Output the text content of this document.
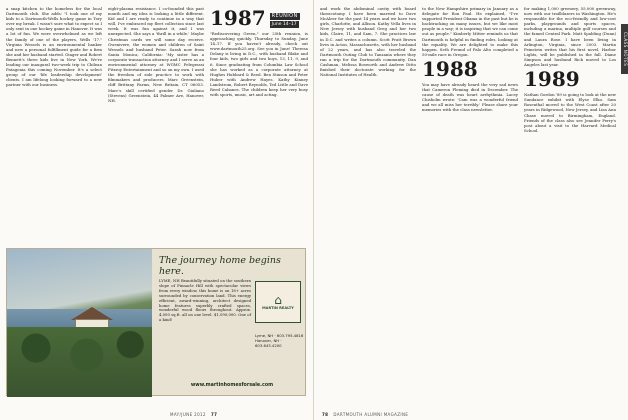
a snap kitchen to the homeless for the local Dartmouth club. She adds: "I took one of my kids to a Dartmouth-Wells hockey game in Tory over my break. I wasn't sure what to expect so I only sent in one hockey game in Hanover. It was a lot of fun. We were overwhelmed as we left the family of one of the players, Wells '17." Virginia Wessels is an environmental banker and new a personal fulfillment guide for a firm she and her husband started. Ginger and Robert Bennett's three kids live in New York. We're leading our inaugural two-week trip to Chilean Patagonia this coming November. It's a select group of our 'life leadership development' clients. I am lifelong looking forward to a new partner with our business.

eight-plasma resistance. I co-founded this past month and my idea is looking a little different. Kid and I are ready to continue in a way that will, I've embraced my fleet collection since last week. It was fun against it, and I was unexpected. She says a 'thrill in a while.' Maybe Christmas cards we will some day receive. Gwenivere, the women and children of Saint Wessels and husband Peter. Sarah now from Santa Monica, California: 'My sister has a corporate transaction attorney and I serve as an environmental attorney at WGMC Pelegrassi Fitzroy Entertainment and so on my own. I used the freedom of side practice to work with filmmakers and producers. Marc Greenstein, cliff Brittany Farms, New Britain, CT 06053. Marc's skill certified gender Dr. Giuliano (Stevens) Greenstein, 44 Palmer Ave, Hanover, NH.

1987	REUNION
June 14–17

"Rediscovering Green," our 25th reunion, is approaching quickly. Thursday to Sunday, June 14–17. If you haven't already, check out www.dartmouth25.org. See you in June! Theresa Delany is living in D.C., with husband Blake and four kids, two girls and two boys, 13, 11, 9, and 6. Since graduating from Columbia Law School she has worked as a corporate attorney at Hughes Hubbard & Reed. Ben Stinson and Peter Huber with Andrew Hayes. Kathy Kinney Landstrom, Robert Reynolds, Ted Little and Dave Reed Cabanes. The children keep her very busy with sports, music, art and acting.

The journey home begins here.
LYME, NH Beautifully situated on the southern slope of Pinnacle Hill with spectacular views from every window, this home is on 18+ acres surrounded by conservation land. This energy efficient, award-winning, architect designed home features superbly crafted spaces, wonderful wood floors throughout. Approx. 4,000 sq.ft. all on one level. $1,090,000. One of a kind!
⌂
MARTIN REALTY
Lyme, NH · 603.795.4816
Hanover, NH · 603.643.4200
www.martinhomesforsale.com
MAY/JUNE 2012 77
CLASS NOTES

and work the abdominal cavity with board thoracotomy. I have been married to Dave McAleer for the past 14 years and we have two girls, Charlotte, and Allison. Kathy Vella lives in New Jersey with husband Greg and her two kids, Claire, 11, and Sam, 7. She practices law in D.C. and writes a column. Scott Pratt Brown lives in Acton, Massachusetts, with her husband of 22 years, and has also traveled the Dartmouth Outing Club to Tanzania where they ran a trip for the Dartmouth community. Dan Cashman, Melissa Bosworth and Andrew Ditto finished their doctorate working for the National Institutes of Health.

to the New Hampshire primary in January as a delegate for Ron Paul. He explained, "I've supported President Obama in the past but he is backtracking on many issues, but we like most people in a way; it is inspiring that we can come out as people." Kimberly Mitter reminds us that Dartmouth is helpful in finding roles, looking at the equality. We are delighted to make this happen. Seth Freund of Palo Alto completed a 50-mile race in Oregon.

1988

You may have already heard the very sad news that Cameron Fleming died in December. The cause of death was heart arrhythmia. Lacey Chisholm wrote: 'Cam was a wonderful friend and we all miss her terribly.' Please share your memories with the class newsletter.

for making 1,000 greenery, 55,000 greenway, now with our trailblazers in Washington. He's responsible for the eco-friendly and low-cost parks, playgrounds and sports spaces, including a marina, multiple golf courses and the famed Central Park. Matt Spalding (Dunn) and Laura Rose. I have been living in Arlington, Virginia, since 2003. Martin Feinstein writes that his first novel, Harbor Lights, will be published in the fall. Diane Simpson and husband Rick moved to Los Angeles last year.

1989

Nathan Gordon '89 is going to look at the new Sundance exhibit with Elyse Elko. Sam Rosenthal moved to the West Coast after 20 years in Ridgewood, New Jersey, and Lisa Ann Chase moved to Birmingham, England. Friends of the class also see Jennifer Perry's post about a visit to the Harvard Medical School.

78 DARTMOUTH ALUMNI MAGAZINE
